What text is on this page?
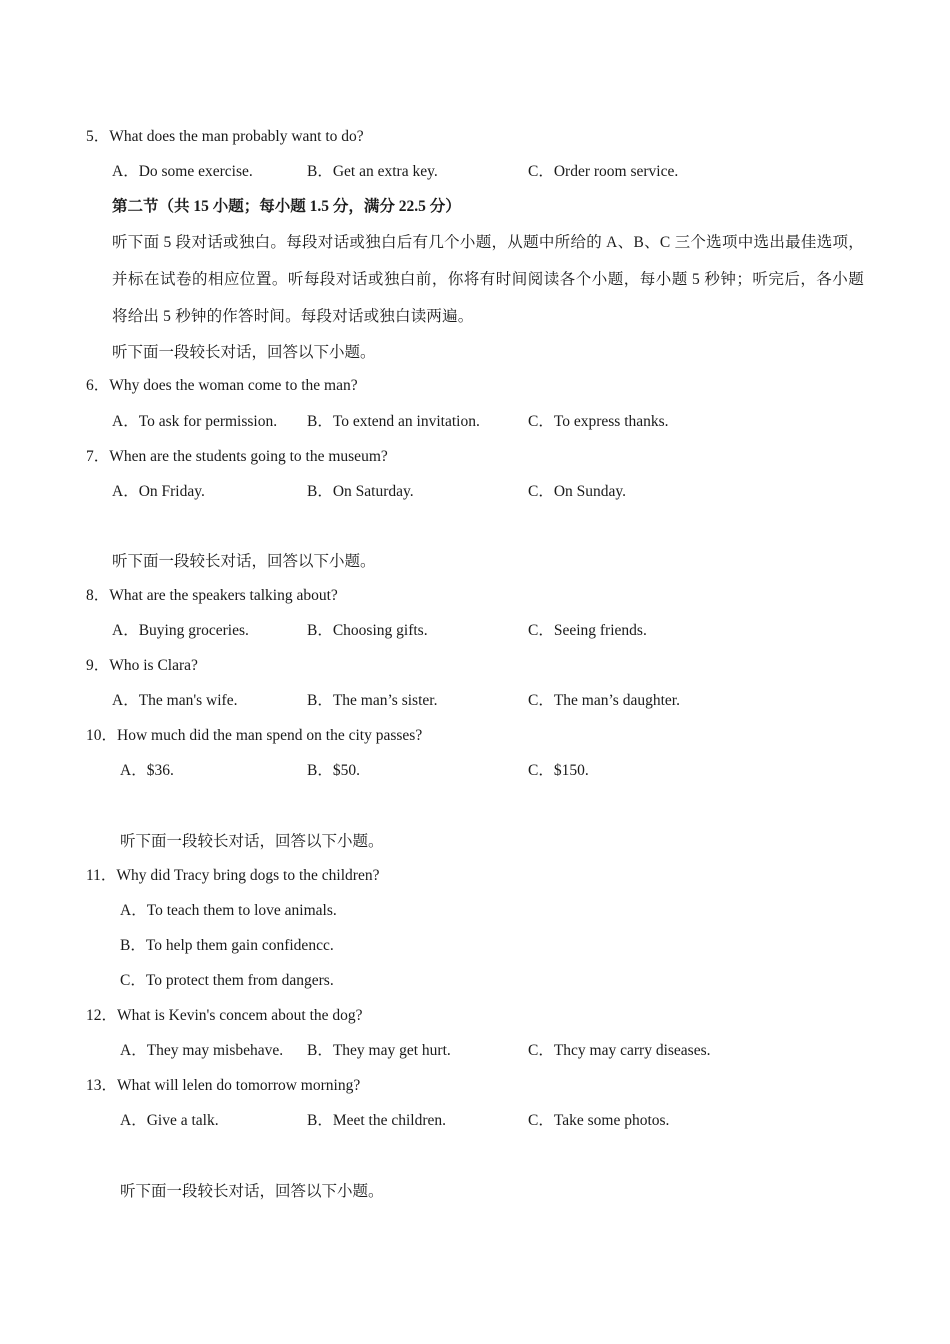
5．What does the man probably want to do?
A．Do some exercise.	B．Get an extra key.	C．Order room service.
第二节（共 15 小题；每小题 1.5 分，满分 22.5 分）
听下面 5 段对话或独白。每段对话或独白后有几个小题，从题中所给的 A、B、C 三个选项中选出最佳选项，并标在试卷的相应位置。听每段对话或独白前，你将有时间阅读各个小题，每小题 5 秒钟；听完后，各小题将给出 5 秒钟的作答时间。每段对话或独白读两遍。
听下面一段较长对话，回答以下小题。
6．Why does the woman come to the man?
A．To ask for permission. B．To extend an invitation.	C．To express thanks.
7．When are the students going to the museum?
A．On Friday.	B．On Saturday.	C．On Sunday.
听下面一段较长对话，回答以下小题。
8．What are the speakers talking about?
A．Buying groceries.	B．Choosing gifts.	C．Seeing friends.
9．Who is Clara?
A．The man's wife.	B．The man’s sister.	C．The man’s daughter.
10．How much did the man spend on the city passes?
A．$36.	B．$50.	C．$150.
听下面一段较长对话，回答以下小题。
11．Why did Tracy bring dogs to the children?
A．To teach them to love animals.
B．To help them gain confidencc.
C．To protect them from dangers.
12．What is Kevin's concem about the dog?
A．They may misbehave. B．They may get hurt.	C．Thcy may carry diseases.
13．What will lelen do tomorrow morning?
A．Give a talk.	B．Meet the children.	C．Take some photos.
听下面一段较长对话，回答以下小题。
